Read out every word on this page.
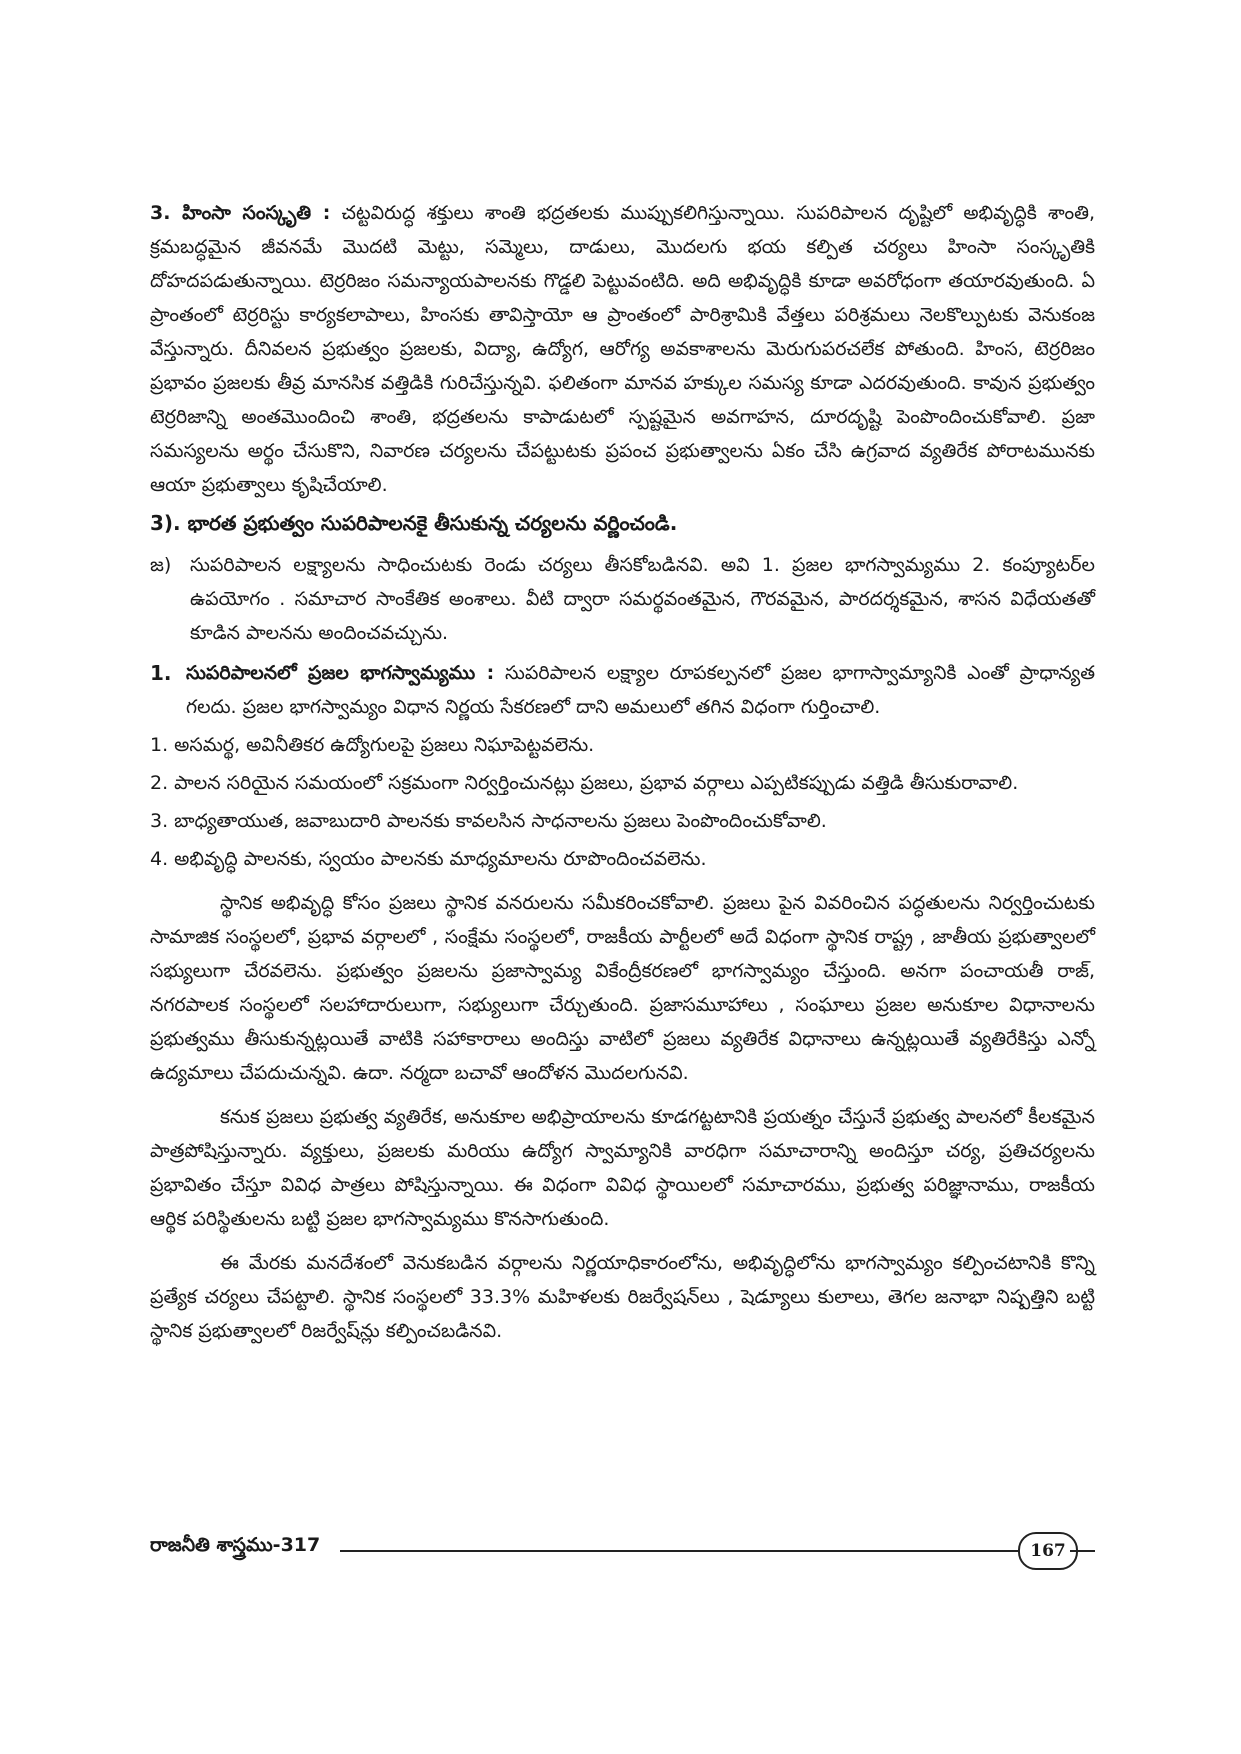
3. హింసా సంస్కృతి : చట్టవిరుద్ధ శక్తులు శాంతి భద్రతలకు ముప్పుకలిగిస్తున్నాయి. సుపరిపాలన దృష్టిలో అభివృద్ధికి శాంతి, క్రమబద్ధమైన జీవనమే మొదటి మెట్టు, సమ్మెలు, దాడులు, మొదలగు భయ కల్పిత చర్యలు హింసా సంస్కృతికి దోహదపడుతున్నాయి. టెర్రరిజం సమన్యాయపాలనకు గొడ్డలి పెట్టువంటిది. అది అభివృద్ధికి కూడా అవరోధంగా తయారవుతుంది. ఏ ప్రాంతంలో టెర్రరిస్టు కార్యకలాపాలు, హింసకు తావిస్తాయో ఆ ప్రాంతంలో పారిశ్రామికి వేత్తలు పరిశ్రమలు నెలకొల్పుటకు వెనుకంజ వేస్తున్నారు. దీనివలన ప్రభుత్వం ప్రజలకు, విద్యా, ఉద్యోగ, ఆరోగ్య అవకాశాలను మెరుగుపరచలేక పోతుంది. హింస, టెర్రరిజం ప్రభావం ప్రజలకు తీవ్ర మానసిక వత్తిడికి గురిచేస్తున్నవి. ఫలితంగా మానవ హక్కుల సమస్య కూడా ఎదరవుతుంది. కావున ప్రభుత్వం టెర్రరిజాన్ని అంతమొందించి శాంతి, భద్రతలను కాపాడుటలో స్పష్టమైన అవగాహన, దూరదృష్టి పెంపొందించుకోవాలి. ప్రజా సమస్యలను అర్థం చేసుకొని, నివారణ చర్యలను చేపట్టుటకు ప్రపంచ ప్రభుత్వాలను ఏకం చేసి ఉగ్రవాద వ్యతిరేక పోరాటమునకు ఆయా ప్రభుత్వాలు కృషిచేయాలి.

3). భారత ప్రభుత్వం సుపరిపాలనకై తీసుకున్న చర్యలను వర్ణించండి.

జ) సుపరిపాలన లక్ష్యాలను సాధించుటకు రెండు చర్యలు తీసకోబడినవి. అవి 1. ప్రజల భాగస్వామ్యము 2. కంప్యూటర్‌ల ఉపయోగం . సమాచార సాంకేతిక అంశాలు. వీటి ద్వారా సమర్థవంతమైన, గౌరవమైన, పారదర్శకమైన, శాసన విధేయతతో కూడిన పాలనను అందించవచ్చును.

1. సుపరిపాలనలో ప్రజల భాగస్వామ్యము : సుపరిపాలన లక్ష్యాల రూపకల్పనలో ప్రజల భాగాస్వామ్యానికి ఎంతో ప్రాధాన్యత గలదు. ప్రజల భాగస్వామ్యం విధాన నిర్ణయ సేకరణలో దాని అమలులో తగిన విధంగా గుర్తించాలి.

1. అసమర్థ, అవినీతికర ఉద్యోగులపై ప్రజలు నిఘాపెట్టవలెను.

2. పాలన సరియైన సమయంలో సక్రమంగా నిర్వర్తించునట్లు ప్రజలు, ప్రభావ వర్గాలు ఎప్పటికప్పుడు వత్తిడి తీసుకురావాలి.

3. బాధ్యతాయుత, జవాబుదారి పాలనకు కావలసిన సాధనాలను ప్రజలు పెంపొందించుకోవాలి.

4. అభివృద్ధి పాలనకు, స్వయం పాలనకు మాధ్యమాలను రూపొందించవలెను.

స్థానిక అభివృద్ధి కోసం ప్రజలు స్థానిక వనరులను సమీకరించకోవాలి. ప్రజలు పైన వివరించిన పద్ధతులను నిర్వర్తించుటకు సామాజిక సంస్థలలో, ప్రభావ వర్గాలలో , సంక్షేమ సంస్థలలో, రాజకీయ పార్టీలలో అదే విధంగా స్థానిక రాష్ట్ర , జాతీయ ప్రభుత్వాలలో సభ్యులుగా చేరవలెను. ప్రభుత్వం ప్రజలను ప్రజాస్వామ్య వికేంద్రీకరణలో భాగస్వామ్యం చేస్తుంది. అనగా పంచాయతీ రాజ్, నగరపాలక సంస్థలలో సలహాదారులుగా, సభ్యులుగా చేర్చుతుంది. ప్రజాసమూహాలు , సంఘాలు ప్రజల అనుకూల విధానాలను ప్రభుత్వము తీసుకున్నట్లయితే వాటికి సహాకారాలు అందిస్తు వాటిలో ప్రజలు వ్యతిరేక విధానాలు ఉన్నట్లయితే వ్యతిరేకిస్తు ఎన్నో ఉద్యమాలు చేపదుచున్నవి. ఉదా. నర్మదా బచావో ఆందోళన మొదలగునవి.

కనుక ప్రజలు ప్రభుత్వ వ్యతిరేక, అనుకూల అభిప్రాయాలను కూడగట్టటానికి ప్రయత్నం చేస్తునే ప్రభుత్వ పాలనలో కీలకమైన పాత్రపోషిస్తున్నారు. వ్యక్తులు, ప్రజలకు మరియు ఉద్యోగ స్వామ్యానికి వారధిగా సమాచారాన్ని అందిస్తూ చర్య, ప్రతిచర్యలను ప్రభావితం చేస్తూ వివిధ పాత్రలు పోషిస్తున్నాయి. ఈ విధంగా వివిధ స్థాయిలలో సమాచారము, ప్రభుత్వ పరిజ్ఞానాము, రాజకీయ ఆర్థిక పరిస్థితులను బట్టి ప్రజల భాగస్వామ్యము కొనసాగుతుంది.

ఈ మేరకు మనదేశంలో వెనుకబడిన వర్గాలను నిర్ణయాధికారంలోను, అభివృద్ధిలోను భాగస్వామ్యం కల్పించటానికి కొన్ని ప్రత్యేక చర్యలు చేపట్టాలి. స్థానిక సంస్థలలో 33.3% మహిళలకు రిజర్వేషన్‌లు , షెడ్యూలు కులాలు, తెగల జనాభా నిష్పత్తిని బట్టి స్థానిక ప్రభుత్వాలలో రిజర్వేష్‌న్లు కల్పించబడినవి.

రాజనీతి శాస్త్రము-317	167
